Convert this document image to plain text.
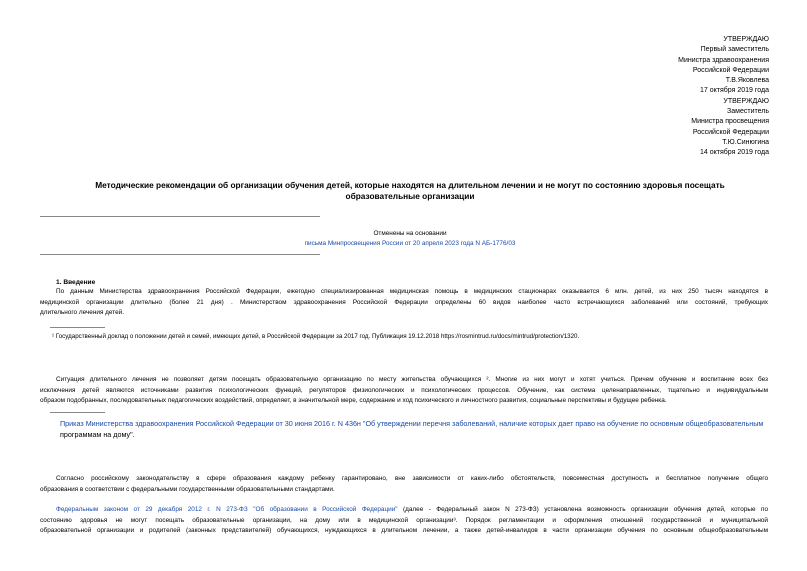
УТВЕРЖДАЮ
Первый заместитель
Министра здравоохранения
Российской Федерации
Т.В.Яковлева
17 октября 2019 года
УТВЕРЖДАЮ
Заместитель
Министра просвещения
Российской Федерации
Т.Ю.Синюгина
14 октября 2019 года
Методические рекомендации об организации обучения детей, которые находятся на длительном лечении и не могут по состоянию здоровья посещать
образовательные организации
Отменены на основании
письма Минпросвещения России от 20 апреля 2023 года N АБ-1776/03
1. Введение
По данным Министерства здравоохранения Российской Федерации, ежегодно специализированная медицинская помощь в медицинских стационарах оказывается 6 млн. детей, из них 250 тысяч находятся в
медицинской организации длительно (более 21 дня) . Министерством здравоохранения Российской Федерации определены 60 видов наиболее часто встречающихся заболеваний или состояний, требующих
длительного лечения детей.
¹ Государственный доклад о положении детей и семей, имеющих детей, в Российской Федерации за 2017 год. Публикация 19.12.2018 https://rosmintrud.ru/docs/mintrud/protection/1320.
Ситуация длительного лечения не позволяет детям посещать образовательную организацию по месту жительства обучающихся ². Многие из них могут и хотят учиться. Причем обучение и воспитание всех без
исключения детей являются источниками развития психологических функций, регуляторов физиологических и психологических процессов. Обучение, как система целенаправленных, тщательно и индивидуальным
образом подобранных, последовательных педагогических воздействий, определяет, в значительной мере, содержание и ход психического и личностного развития, социальные перспективы и будущее ребенка.
Приказ Министерства здравоохранения Российской Федерации от 30 июня 2016 г. N 436н "Об утверждении перечня заболеваний, наличие которых дает право на обучение по основным общеобразовательным
программам на дому".
Согласно российскому законодательству в сфере образования каждому ребенку гарантировано, вне зависимости от каких-либо обстоятельств, повсеместная доступность и бесплатное получение общего
образования в соответствии с федеральными государственными образовательными стандартами.
Федеральным законом от 29 декабря 2012 г. N 273-ФЗ "Об образовании в Российской Федерации" (далее - Федеральный закон N 273-ФЗ) установлена возможность организации обучения детей, которые по
состоянию здоровья не могут посещать образовательные организации, на дому или в медицинской организации³. Порядок регламентации и оформления отношений государственной и муниципальной
образовательной организации и родителей (законных представителей) обучающихся, нуждающихся в длительном лечении, а также детей-инвалидов в части организации обучения по основным общеобразовательным
